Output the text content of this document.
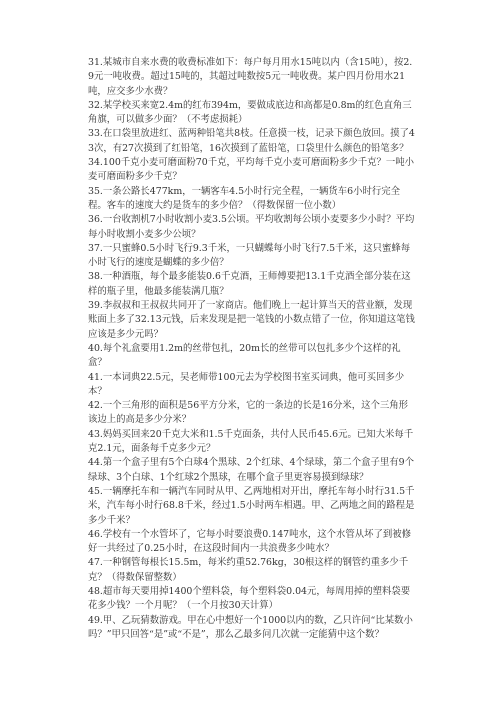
31.某城市自来水费的收费标准如下：每户每月用水15吨以内（含15吨），按2.9元一吨收费。超过15吨的，其超过吨数按5元一吨收费。某户四月份用水21吨，应交多少水费？

32.某学校买来宽2.4m的红布394m，要做成底边和高都是0.8m的红色直角三角旗，可以做多少面？（不考虑损耗）

33.在口袋里放进红、蓝两种铅笔共8枝。任意摸一枝，记录下颜色放回。摸了43次，有27次摸到了红铅笔，16次摸到了蓝铅笔，口袋里什么颜色的铅笔多？

34.100千克小麦可磨面粉70千克，平均每千克小麦可磨面粉多少千克？一吨小麦可磨面粉多少千克？

35.一条公路长477km，一辆客车4.5小时行完全程，一辆货车6小时行完全程。客车的速度大约是货车的多少倍？（得数保留一位小数）

36.一台收割机7小时收割小麦3.5公顷。平均收割每公顷小麦要多少小时？平均每小时收割小麦多少公顷？

37.一只蜜蜂0.5小时飞行9.3千米，一只蝴蝶每小时飞行7.5千米，这只蜜蜂每小时飞行的速度是蝴蝶的多少倍？

38.一种酒瓶，每个最多能装0.6千克酒，王师傅要把13.1千克酒全部分装在这样的瓶子里，他最多能装满几瓶？

39.李叔叔和王叔叔共同开了一家商店。他们晚上一起计算当天的营业额，发现账面上多了32.13元钱，后来发现是把一笔钱的小数点错了一位，你知道这笔钱应该是多少元吗？

40.每个礼盒要用1.2m的丝带包扎，20m长的丝带可以包扎多少个这样的礼盒？

41.一本词典22.5元，吴老师带100元去为学校图书室买词典，他可买回多少本？

42.一个三角形的面积是56平方分米，它的一条边的长是16分米，这个三角形该边上的高是多少分米？

43.妈妈买回来20千克大米和1.5千克面条，共付人民币45.6元。已知大米每千克2.1元，面条每千克多少元？

44.第一个盒子里有5个白球4个黑球、2个红球、4个绿球，第二个盒子里有9个绿球、3个白球、1个红球2个黑球，在哪个盒子里更容易摸到绿球？

45.一辆摩托车和一辆汽车同时从甲、乙两地相对开出，摩托车每小时行31.5千米，汽车每小时行68.8千米，经过1.5小时两车相遇。甲、乙两地之间的路程是多少千米？

46.学校有一个水管坏了，它每小时要浪费0.147吨水，这个水管从坏了到被修好一共经过了0.25小时，在这段时间内一共浪费多少吨水？

47.一种钢管每根长15.5m，每米约重52.76kg，30根这样的钢管约重多少千克？（得数保留整数）

48.超市每天要用掉1400个塑料袋，每个塑料袋0.04元，每周用掉的塑料袋要花多少钱？一个月呢？（一个月按30天计算）

49.甲、乙玩猜数游戏。甲在心中想好一个1000以内的数，乙只许问“比某数小吗？”甲只回答“是”或“不是”，那么乙最多问几次就一定能猜中这个数？
